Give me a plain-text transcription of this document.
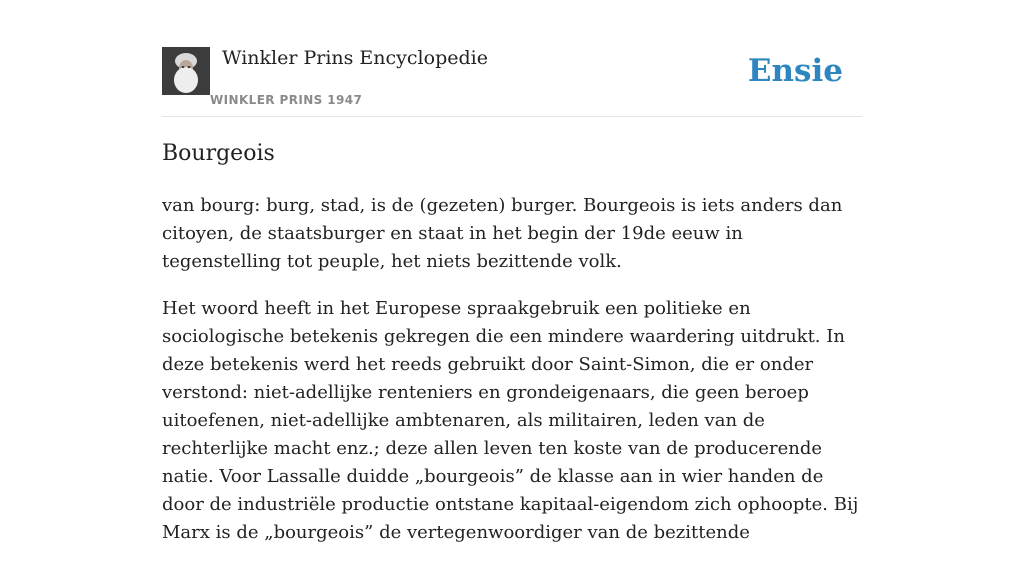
Winkler Prins Encyclopedie
WINKLER PRINS 1947
Ensie
Bourgeois

van bourg: burg, stad, is de (gezeten) burger. Bourgeois is iets anders dan citoyen, de staatsburger en staat in het begin der 19de eeuw in tegenstelling tot peuple, het niets bezittende volk.

Het woord heeft in het Europese spraakgebruik een politieke en sociologische betekenis gekregen die een mindere waardering uitdrukt. In deze betekenis werd het reeds gebruikt door Saint-Simon, die er onder verstond: niet-adellijke renteniers en grondeigenaars, die geen beroep uitoefenen, niet-adellijke ambtenaren, als militairen, leden van de rechterlijke macht enz.; deze allen leven ten koste van de producerende natie. Voor Lassalle duidde „bourgeois” de klasse aan in wier handen de door de industriële productie ontstane kapitaal-eigendom zich ophoopte. Bij Marx is de „bourgeois” de vertegenwoordiger van de bezittende
